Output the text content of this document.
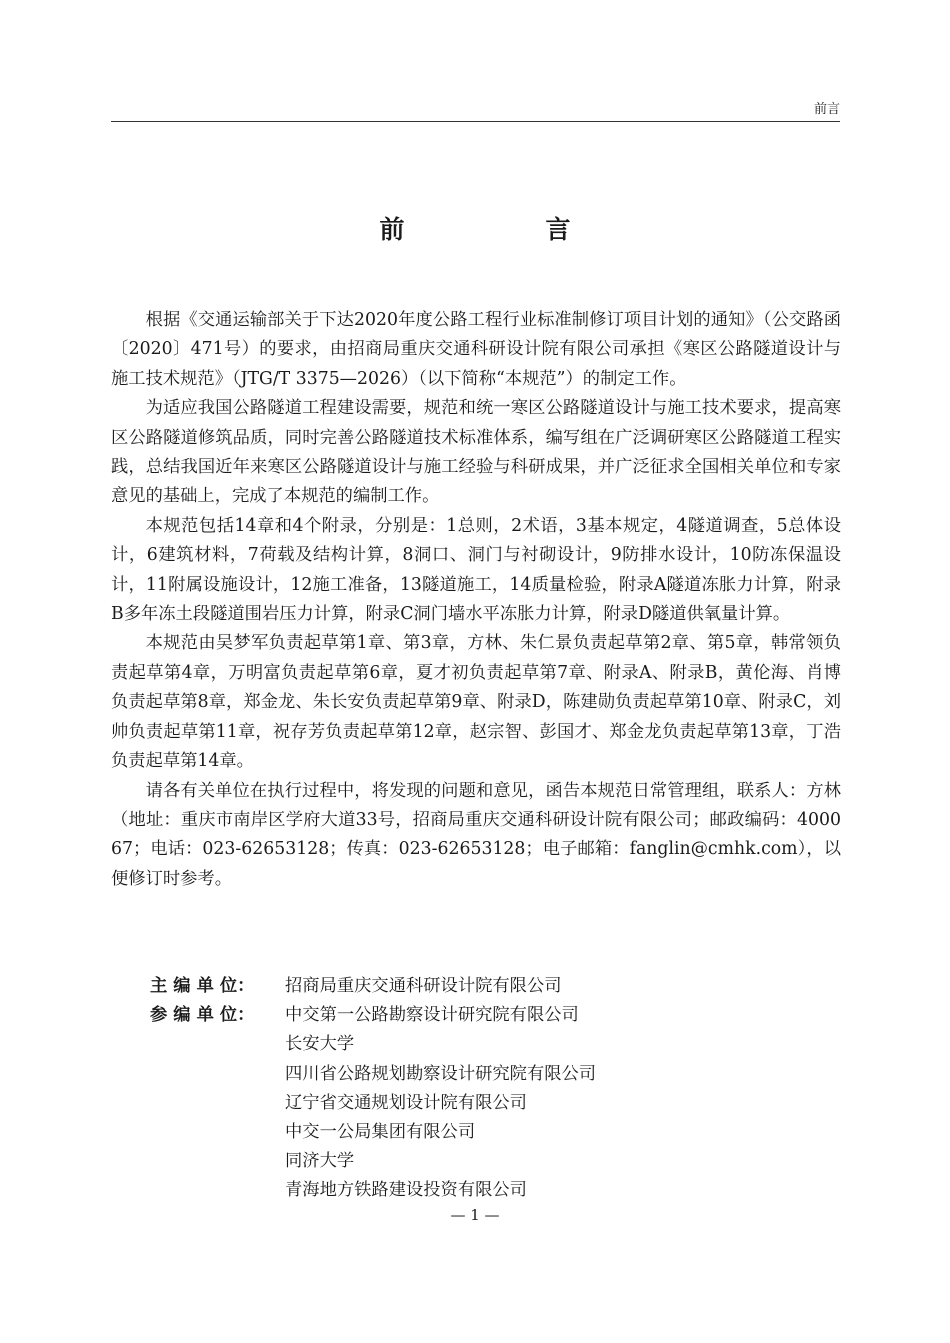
前言
前　言

根据《交通运输部关于下达2020年度公路工程行业标准制修订项目计划的通知》（公交路函〔2020〕471号）的要求，由招商局重庆交通科研设计院有限公司承担《寒区公路隧道设计与施工技术规范》（JTG/T 3375—2026）（以下简称“本规范”）的制定工作。

为适应我国公路隧道工程建设需要，规范和统一寒区公路隧道设计与施工技术要求，提高寒区公路隧道修筑品质，同时完善公路隧道技术标准体系，编写组在广泛调研寒区公路隧道工程实践，总结我国近年来寒区公路隧道设计与施工经验与科研成果，并广泛征求全国相关单位和专家意见的基础上，完成了本规范的编制工作。

本规范包括14章和4个附录，分别是：1总则，2术语，3基本规定，4隧道调查，5总体设计，6建筑材料，7荷载及结构计算，8洞口、洞门与衬砌设计，9防排水设计，10防冻保温设计，11附属设施设计，12施工准备，13隧道施工，14质量检验，附录A隧道冻胀力计算，附录B多年冻土段隧道围岩压力计算，附录C洞门墙水平冻胀力计算，附录D隧道供氧量计算。

本规范由吴梦军负责起草第1章、第3章，方林、朱仁景负责起草第2章、第5章，韩常领负责起草第4章，万明富负责起草第6章，夏才初负责起草第7章、附录A、附录B，黄伦海、肖博负责起草第8章，郑金龙、朱长安负责起草第9章、附录D，陈建勋负责起草第10章、附录C，刘帅负责起草第11章，祝存芳负责起草第12章，赵宗智、彭国才、郑金龙负责起草第13章，丁浩负责起草第14章。

请各有关单位在执行过程中，将发现的问题和意见，函告本规范日常管理组，联系人：方林（地址：重庆市南岸区学府大道33号，招商局重庆交通科研设计院有限公司；邮政编码：400067；电话：023-62653128；传真：023-62653128；电子邮箱：fanglin@cmhk.com），以便修订时参考。

主 编 单 位：	招商局重庆交通科研设计院有限公司
参 编 单 位：	中交第一公路勘察设计研究院有限公司
长安大学
四川省公路规划勘察设计研究院有限公司
辽宁省交通规划设计院有限公司
中交一公局集团有限公司
同济大学
青海地方铁路建设投资有限公司
— 1 —
